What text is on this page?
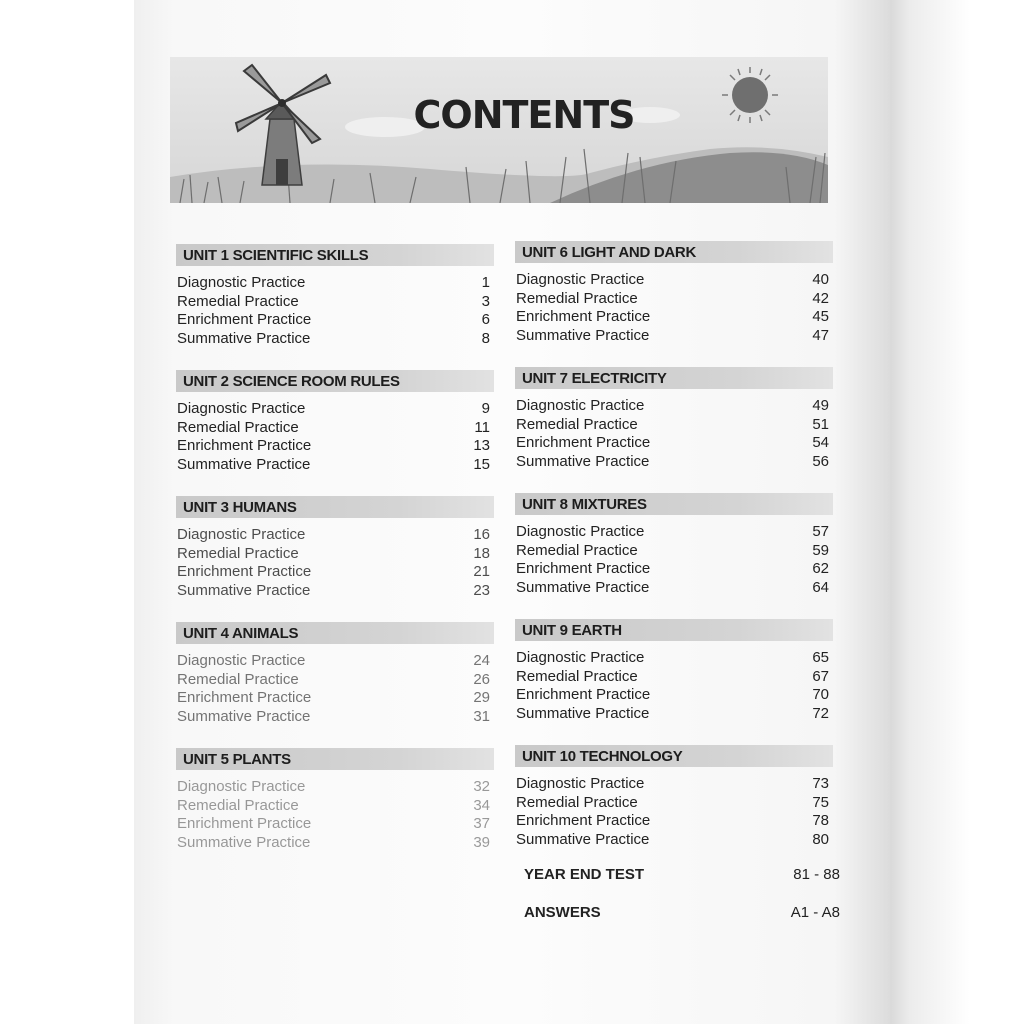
CONTENTS
UNIT 1 SCIENTIFIC SKILLS
Diagnostic Practice	1
Remedial Practice	3
Enrichment Practice	6
Summative Practice	8
UNIT 2 SCIENCE ROOM RULES
Diagnostic Practice	9
Remedial Practice	11
Enrichment Practice	13
Summative Practice	15
UNIT 3 HUMANS
Diagnostic Practice	16
Remedial Practice	18
Enrichment Practice	21
Summative Practice	23
UNIT 4 ANIMALS
Diagnostic Practice	24
Remedial Practice	26
Enrichment Practice	29
Summative Practice	31
UNIT 5 PLANTS
Diagnostic Practice	32
Remedial Practice	34
Enrichment Practice	37
Summative Practice	39
UNIT 6 LIGHT AND DARK
Diagnostic Practice	40
Remedial Practice	42
Enrichment Practice	45
Summative Practice	47
UNIT 7 ELECTRICITY
Diagnostic Practice	49
Remedial Practice	51
Enrichment Practice	54
Summative Practice	56
UNIT 8 MIXTURES
Diagnostic Practice	57
Remedial Practice	59
Enrichment Practice	62
Summative Practice	64
UNIT 9 EARTH
Diagnostic Practice	65
Remedial Practice	67
Enrichment Practice	70
Summative Practice	72
UNIT 10 TECHNOLOGY
Diagnostic Practice	73
Remedial Practice	75
Enrichment Practice	78
Summative Practice	80
YEAR END TEST	81 - 88
ANSWERS	A1 - A8
